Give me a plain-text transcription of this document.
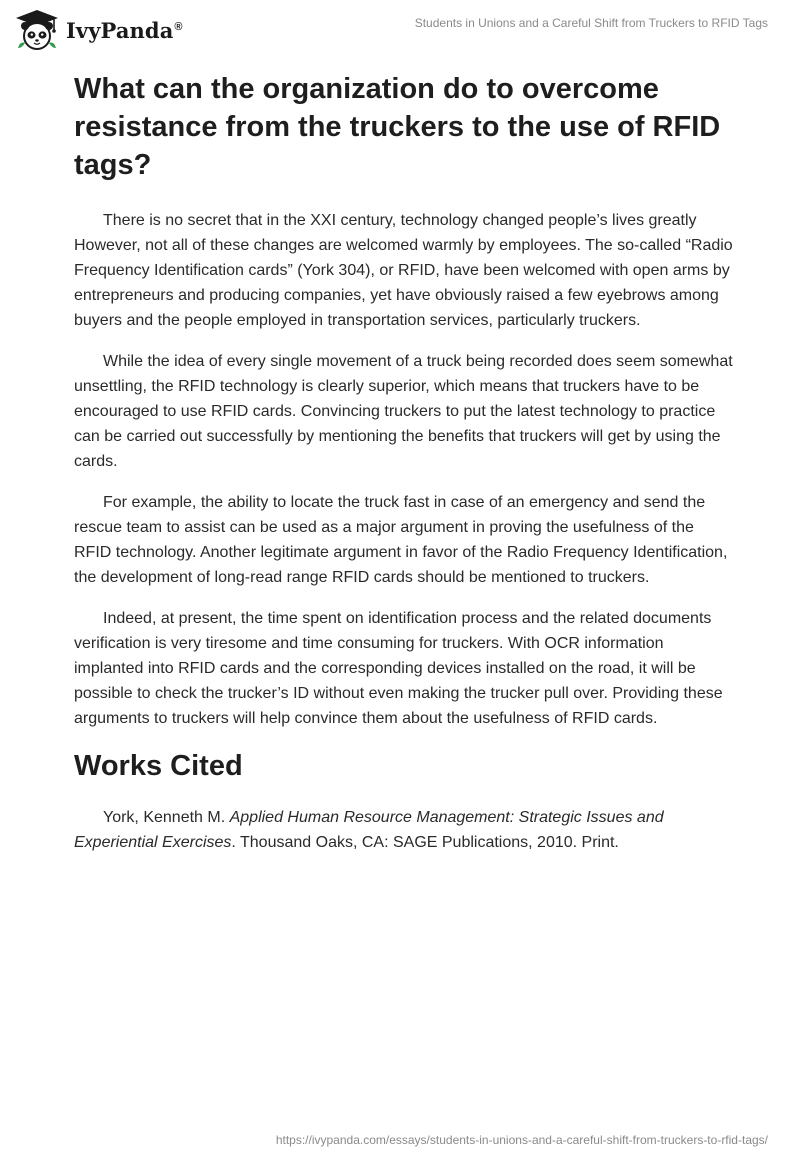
IvyPanda®	Students in Unions and a Careful Shift from Truckers to RFID Tags
What can the organization do to overcome resistance from the truckers to the use of RFID tags?

There is no secret that in the XXI century, technology changed people’s lives greatly However, not all of these changes are welcomed warmly by employees. The so-called “Radio Frequency Identification cards” (York 304), or RFID, have been welcomed with open arms by entrepreneurs and producing companies, yet have obviously raised a few eyebrows among buyers and the people employed in transportation services, particularly truckers.

While the idea of every single movement of a truck being recorded does seem somewhat unsettling, the RFID technology is clearly superior, which means that truckers have to be encouraged to use RFID cards. Convincing truckers to put the latest technology to practice can be carried out successfully by mentioning the benefits that truckers will get by using the cards.

For example, the ability to locate the truck fast in case of an emergency and send the rescue team to assist can be used as a major argument in proving the usefulness of the RFID technology. Another legitimate argument in favor of the Radio Frequency Identification, the development of long-read range RFID cards should be mentioned to truckers.

Indeed, at present, the time spent on identification process and the related documents verification is very tiresome and time consuming for truckers. With OCR information implanted into RFID cards and the corresponding devices installed on the road, it will be possible to check the trucker’s ID without even making the trucker pull over. Providing these arguments to truckers will help convince them about the usefulness of RFID cards.

Works Cited

York, Kenneth M. Applied Human Resource Management: Strategic Issues and Experiential Exercises. Thousand Oaks, CA: SAGE Publications, 2010. Print.

https://ivypanda.com/essays/students-in-unions-and-a-careful-shift-from-truckers-to-rfid-tags/
